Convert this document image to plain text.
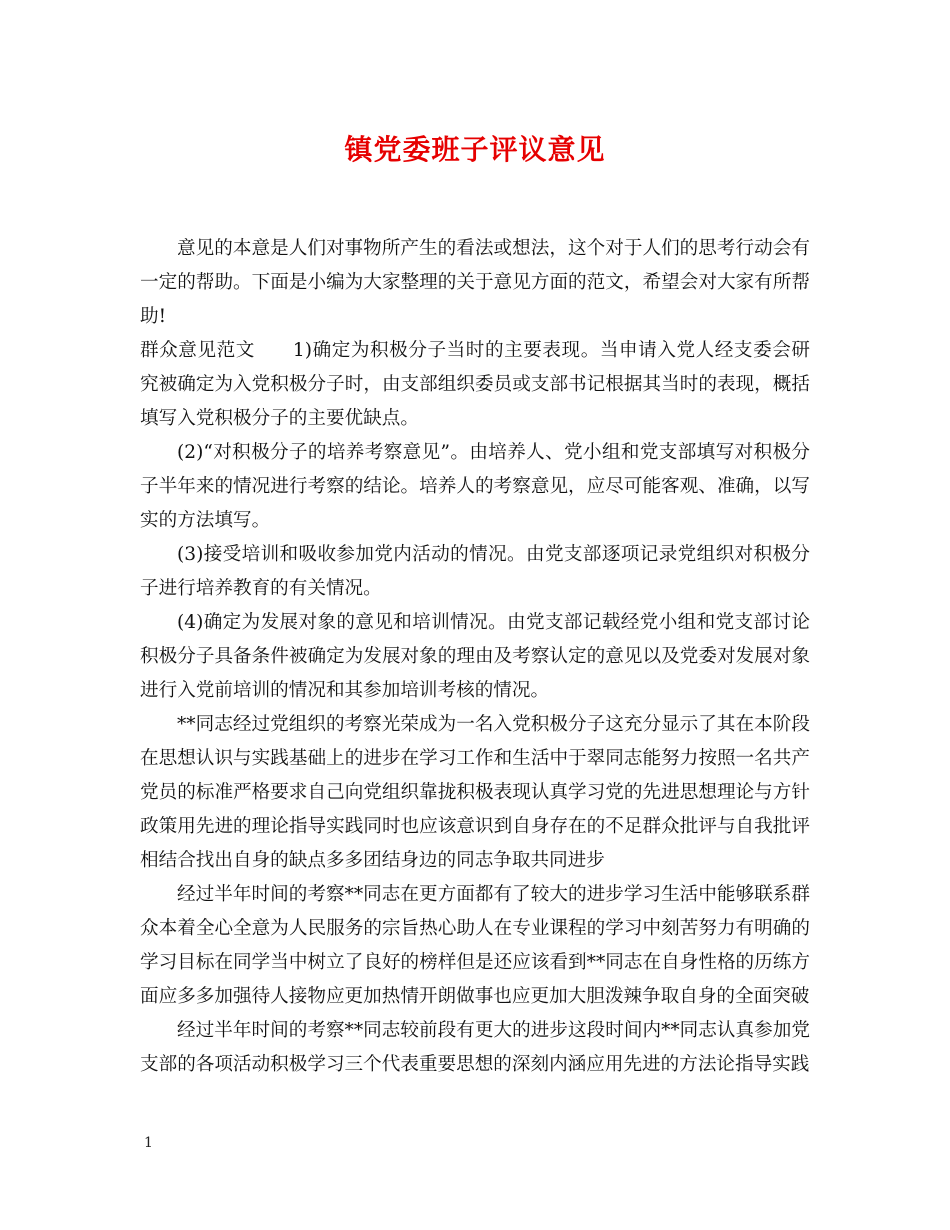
镇党委班子评议意见

意见的本意是人们对事物所产生的看法或想法，这个对于人们的思考行动会有一定的帮助。下面是小编为大家整理的关于意见方面的范文，希望会对大家有所帮助!

群众意见范文 1)确定为积极分子当时的主要表现。当申请入党人经支委会研究被确定为入党积极分子时，由支部组织委员或支部书记根据其当时的表现，概括填写入党积极分子的主要优缺点。

(2)“对积极分子的培养考察意见”。由培养人、党小组和党支部填写对积极分子半年来的情况进行考察的结论。培养人的考察意见，应尽可能客观、准确，以写实的方法填写。

(3)接受培训和吸收参加党内活动的情况。由党支部逐项记录党组织对积极分子进行培养教育的有关情况。

(4)确定为发展对象的意见和培训情况。由党支部记载经党小组和党支部讨论积极分子具备条件被确定为发展对象的理由及考察认定的意见以及党委对发展对象进行入党前培训的情况和其参加培训考核的情况。

**同志经过党组织的考察光荣成为一名入党积极分子这充分显示了其在本阶段在思想认识与实践基础上的进步在学习工作和生活中于翠同志能努力按照一名共产党员的标准严格要求自己向党组织靠拢积极表现认真学习党的先进思想理论与方针政策用先进的理论指导实践同时也应该意识到自身存在的不足群众批评与自我批评相结合找出自身的缺点多多团结身边的同志争取共同进步

经过半年时间的考察**同志在更方面都有了较大的进步学习生活中能够联系群众本着全心全意为人民服务的宗旨热心助人在专业课程的学习中刻苦努力有明确的学习目标在同学当中树立了良好的榜样但是还应该看到**同志在自身性格的历练方面应多多加强待人接物应更加热情开朗做事也应更加大胆泼辣争取自身的全面突破

经过半年时间的考察**同志较前段有更大的进步这段时间内**同志认真参加党支部的各项活动积极学习三个代表重要思想的深刻内涵应用先进的方法论指导实践

1
